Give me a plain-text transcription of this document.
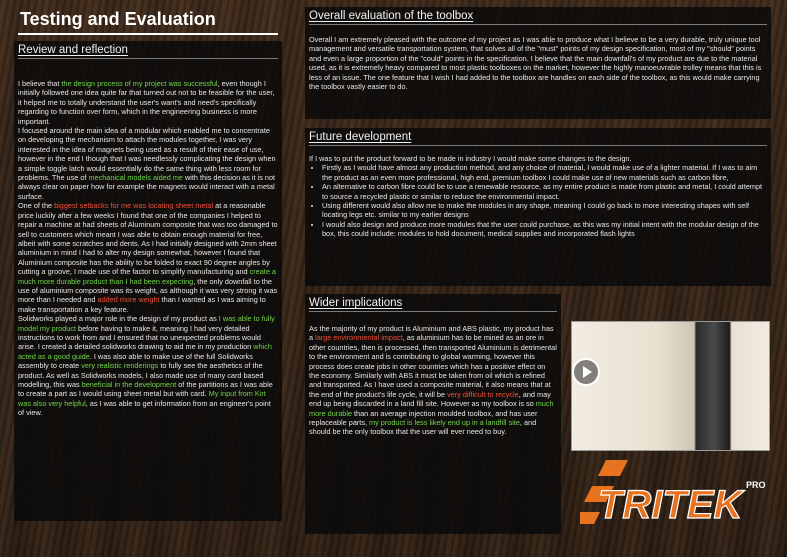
Testing and Evaluation
Review and reflection

I believe that the design process of my project was successful, even though I initially followed one idea quite far that turned out not to be feasible for the user, it helped me to totally understand the user's want's and need's specifically regarding to function over form, which in the engineering business is more important.

I focused around the main idea of a modular which enabled me to concentrate on developing the mechanism to attach the modules together, I was very interested in the idea of magnets being used as a result of their ease of use, however in the end I though that I was needlessly complicating the design when a simple toggle latch would essentially do the same thing with less room for problems. The use of mechanical models aided me with this decision as it is not always clear on paper how for example the magnets would interact with a metal surface.

One of the biggest setbacks for me was locating sheet metal at a reasonable price luckily after a few weeks I found that one of the companies I helped to repair a machine at had sheets of Aluminum composite that was too damaged to sell to customers which meant I was able to obtain enough material for free, albeit with some scratches and dents. As I had initially designed with 2mm sheet aluminium in mind I had to alter my design somewhat, however I found that Aluminium composite has the ability to be folded to exact 90 degree angles by cutting a groove, I made use of the factor to simplify manufacturing and create a much more durable product than I had been expecting, the only downfall to the use of aluminium composite was its weight, as although it was very strong it was more than I needed and added more weight than I wanted as I was aiming to make transportation a key feature.

Solidworks played a major role in the design of my product as I was able to fully model my product before having to make it, meaning I had very detailed instructions to work from and I ensured that no unexpected problems would arise. I created a detailed solidworks drawing to aid me in my production which acted as a good guide. I was also able to make use of the full Solidworks assembly to create very realistic renderings to fully see the aesthetics of the product. As well as Solidworks models, I also made use of many card based modelling, this was beneficial in the development of the partitions as I was able to create a part as I would using sheet metal but with card. My input from Kirt was also very helpful, as I was able to get information from an engineer's point of view.

Overall evaluation of the toolbox
Overall I am extremely pleased with the outcome of my project as I was able to produce what I believe to be a very durable, truly unique tool management and versatile transportation system, that solves all of the "must" points of my design specification, most of my "should" points and even a large proportion of the "could" points in the specification. I believe that the main downfall's of my product are due to the material used, as it is extremely heavy compared to most plastic toolboxes on the market, however the highly manoeuvrable trolley means that this is less of an issue. The one feature that I wish I had added to the toolbox are handles on each side of the toolbox, as this would make carrying the toolbox vastly easier to do.
Future development

If I was to put the product forward to be made in industry I would make some changes to the design.

• Firstly as I would have almost any production method, and any choice of material, I would make use of a lighter material. If I was to aim the product as an even more professional, high end, premium toolbox I could make use of new materials such as carbon fibre,
• An alternative to carbon fibre could be to use a renewable resource, as my entire product is made from plastic and metal, I could attempt to source a recycled plastic or similar to reduce the environmental impact.
• Using different would also allow me to make the modules in any shape, meaning I could go back to more interesting shapes with self locating legs etc. similar to my earlier designs
• I would also design and produce more modules that the user could purchase, as this was my initial intent with the modular design of the box, this could include: modules to hold document, medical supplies and incorporated flash lights
Wider implications

As the majority of my product is Aluminium and ABS plastic, my product has a large environmental impact, as aluminium has to be mined as an ore in other countries, then is processed, then transported Aluminium is detrimental to the environment and is contributing to global warming, however this process does create jobs in other countries which has a positive effect on the economy. Similarly with ABS it must be taken from oil which is refined and transported. As I have used a composite material, it also means that at the end of the product's life cycle, it will be very difficult to recycle, and may end up being discarded in a land fill site. However as my toolbox is so much more durable than an average injection moulded toolbox, and has user replaceable parts, my product is less likely end up in a landfill site, and should be the only toolbox that the user will ever need to buy.

TRITEK PRO
